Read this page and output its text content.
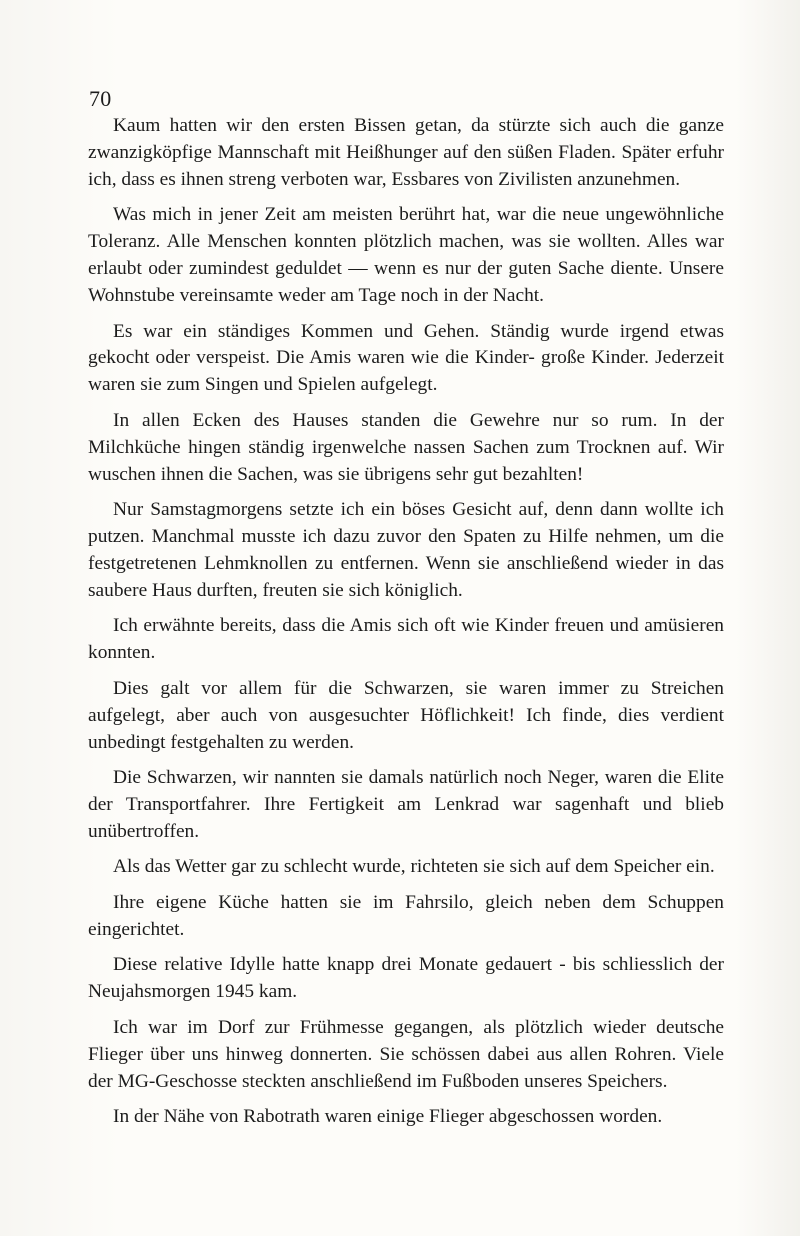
70

Kaum hatten wir den ersten Bissen getan, da stürzte sich auch die ganze zwanzigköpfige Mannschaft mit Heißhunger auf den süßen Fladen. Später erfuhr ich, dass es ihnen streng verboten war, Essbares von Zivilisten anzunehmen.

Was mich in jener Zeit am meisten berührt hat, war die neue ungewöhnliche Toleranz. Alle Menschen konnten plötzlich machen, was sie wollten. Alles war erlaubt oder zumindest geduldet — wenn es nur der guten Sache diente. Unsere Wohnstube vereinsamte weder am Tage noch in der Nacht.

Es war ein ständiges Kommen und Gehen. Ständig wurde irgend etwas gekocht oder verspeist. Die Amis waren wie die Kinder- große Kinder. Jederzeit waren sie zum Singen und Spielen aufgelegt.

In allen Ecken des Hauses standen die Gewehre nur so rum. In der Milchküche hingen ständig irgenwelche nassen Sachen zum Trocknen auf. Wir wuschen ihnen die Sachen, was sie übrigens sehr gut bezahlten!

Nur Samstagmorgens setzte ich ein böses Gesicht auf, denn dann wollte ich putzen. Manchmal musste ich dazu zuvor den Spaten zu Hilfe nehmen, um die festgetretenen Lehmknollen zu entfernen. Wenn sie anschließend wieder in das saubere Haus durften, freuten sie sich königlich.

Ich erwähnte bereits, dass die Amis sich oft wie Kinder freuen und amüsieren konnten.

Dies galt vor allem für die Schwarzen, sie waren immer zu Streichen aufgelegt, aber auch von ausgesuchter Höflichkeit! Ich finde, dies verdient unbedingt festgehalten zu werden.

Die Schwarzen, wir nannten sie damals natürlich noch Neger, waren die Elite der Transportfahrer. Ihre Fertigkeit am Lenkrad war sagenhaft und blieb unübertroffen.

Als das Wetter gar zu schlecht wurde, richteten sie sich auf dem Speicher ein.

Ihre eigene Küche hatten sie im Fahrsilo, gleich neben dem Schuppen eingerichtet.

Diese relative Idylle hatte knapp drei Monate gedauert - bis schliesslich der Neujahsmorgen 1945 kam.

Ich war im Dorf zur Frühmesse gegangen, als plötzlich wieder deutsche Flieger über uns hinweg donnerten. Sie schössen dabei aus allen Rohren. Viele der MG-Geschosse steckten anschließend im Fußboden unseres Speichers.

In der Nähe von Rabotrath waren einige Flieger abgeschossen worden.
